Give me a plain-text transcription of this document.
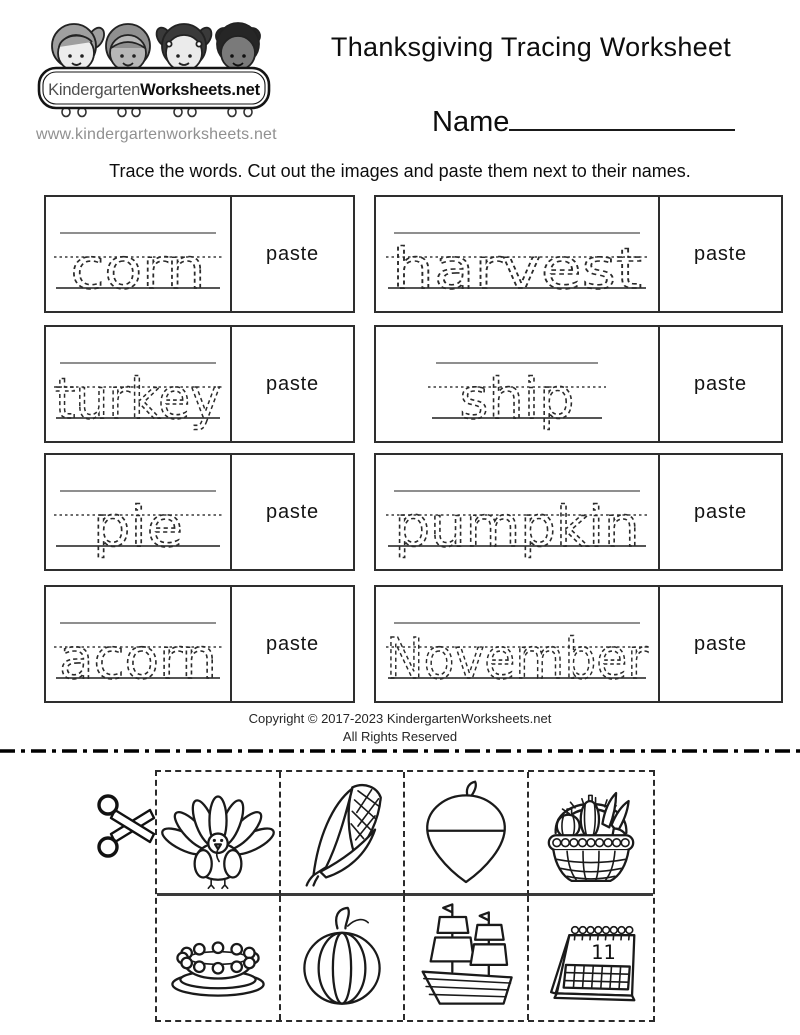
KindergartenWorksheets.net
www.kindergartenworksheets.net
Thanksgiving Tracing Worksheet
Name
Trace the words. Cut out the images and paste them next to their names.
corn	paste harvest	paste
turkey paste	ship	paste
pie	paste pumpkin	paste
acorn paste November paste
Copyright © 2017-2023 KindergartenWorksheets.net
All Rights Reserved
11
